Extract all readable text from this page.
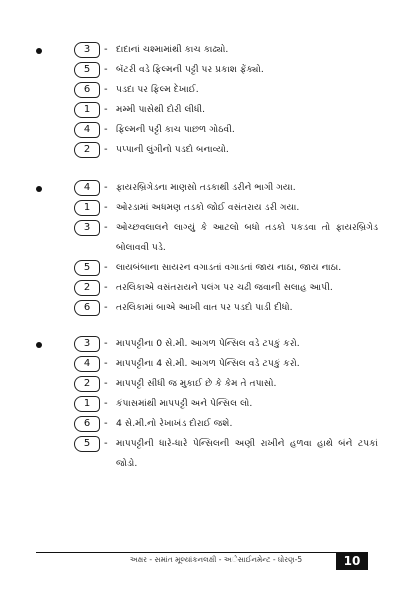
3	- દાદાનાં ચશ્મામાંથી કાચ કાઢ્યો.
5	- બૅટરી વડે ફિલ્મની પટ્ટી પર પ્રકાશ ફેંક્યો.
6	- પડદા પર ફિલ્મ દેખાઈ.
1	- મમ્મી પાસેથી દોરી લીધી.
4	- ફિલ્મની પટ્ટી કાચ પાછળ ગોઠવી.
2	- પપ્પાની લુંગીનો પડદો બનાવ્યો.
4	- ફાયરબ્રિગેડના માણસો તડકાથી ડરીને ભાગી ગયા.
1	- ઓરડામાં અધમણ તડકો જોઈ વસંતરાય ડરી ગયા.
3	- ઓચ્છવલાલને લાગ્યું કે આટલો બધો તડકો પકડવા તો ફાયરબ્રિગેડ બોલાવવી પડે.
5	- લાયબંબાના સાયરન વગાડતાં વગાડતાં જાય નાઠા, જાય નાઠા.
2	- તરલિકાએ વસંતરાયને પલંગ પર ચઢી જવાની સલાહ આપી.
6	- તરલિકામાં બાએ આખી વાત પર પડદો પાડી દીધો.
3	- માપપટ્ટીના 0 સે.મી. આગળ પેન્સિલ વડે ટપકું કરો.
4	- માપપટ્ટીના 4 સે.મી. આગળ પેન્સિલ વડે ટપકું કરો.
2	- માપપટ્ટી સીધી જ મુકાઈ છે કે કેમ તે તપાસો.
1	- કંપાસમાંથી માપપટ્ટી અને પેન્સિલ લો.
6	- 4 સે.મી.નો રેખાખંડ દોરાઈ જશે.
5	- માપપટ્ટીની ધારે-ધારે પેન્સિલની અણી રાખીને હળવા હાથે બંને ટપકાં જોડો.
અક્ષર - સમાંત મૂલ્યાંકનલક્ષી - અેસાઈનમેન્ટ - ધોરણ-5	10
